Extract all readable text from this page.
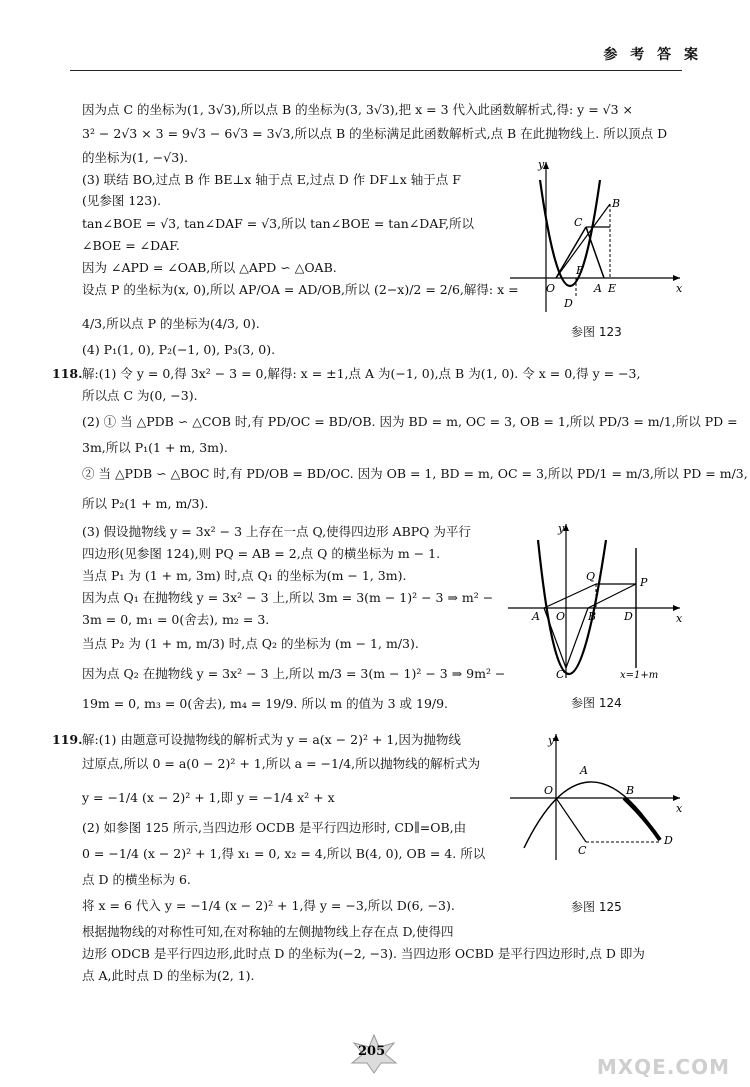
参 考 答 案
因为点 C 的坐标为(1, 3√3),所以点 B 的坐标为(3, 3√3),把 x = 3 代入此函数解析式,得: y = √3 ×
3² − 2√3 × 3 = 9√3 − 6√3 = 3√3,所以点 B 的坐标满足此函数解析式,点 B 在此抛物线上. 所以顶点 D
的坐标为(1, −√3).
(3) 联结 BO,过点 B 作 BE⊥x 轴于点 E,过点 D 作 DF⊥x 轴于点 F
(见参图 123).
tan∠BOE = √3, tan∠DAF = √3,所以 tan∠BOE = tan∠DAF,所以
∠BOE = ∠DAF.
因为 ∠APD = ∠OAB,所以 △APD ∽ △OAB.
设点 P 的坐标为(x, 0),所以 AP/OA = AD/OB,所以 (2−x)/2 = 2/6,解得: x =
4/3,所以点 P 的坐标为(4/3, 0).
(4) P₁(1, 0), P₂(−1, 0), P₃(3, 0).
y
x
C
B
O
F
A E
D
参图 123
118. 解:(1) 令 y = 0,得 3x² − 3 = 0,解得: x = ±1,点 A 为(−1, 0),点 B 为(1, 0). 令 x = 0,得 y = −3,
所以点 C 为(0, −3).
(2) ① 当 △PDB ∽ △COB 时,有 PD/OC = BD/OB. 因为 BD = m, OC = 3, OB = 1,所以 PD/3 = m/1,所以 PD =
3m,所以 P₁(1 + m, 3m).
② 当 △PDB ∽ △BOC 时,有 PD/OB = BD/OC. 因为 OB = 1, BD = m, OC = 3,所以 PD/1 = m/3,所以 PD = m/3,
所以 P₂(1 + m, m/3).
(3) 假设抛物线 y = 3x² − 3 上存在一点 Q,使得四边形 ABPQ 为平行
四边形(见参图 124),则 PQ = AB = 2,点 Q 的横坐标为 m − 1.
当点 P₁ 为 (1 + m, 3m) 时,点 Q₁ 的坐标为(m − 1, 3m).
因为点 Q₁ 在抛物线 y = 3x² − 3 上,所以 3m = 3(m − 1)² − 3 ⇒ m² −
3m = 0, m₁ = 0(舍去), m₂ = 3.
当点 P₂ 为 (1 + m, m/3) 时,点 Q₂ 的坐标为 (m − 1, m/3).
因为点 Q₂ 在抛物线 y = 3x² − 3 上,所以 m/3 = 3(m − 1)² − 3 ⇒ 9m² −
19m = 0, m₃ = 0(舍去), m₄ = 19/9. 所以 m 的值为 3 或 19/9.
y
x
Q	P
A O B	D
C	x=1+m
参图 124
119. 解:(1) 由题意可设抛物线的解析式为 y = a(x − 2)² + 1,因为抛物线
过原点,所以 0 = a(0 − 2)² + 1,所以 a = −1/4,所以抛物线的解析式为
y = −1/4 (x − 2)² + 1,即 y = −1/4 x² + x
(2) 如参图 125 所示,当四边形 OCDB 是平行四边形时, CD∥=OB,由
0 = −1/4 (x − 2)² + 1,得 x₁ = 0, x₂ = 4,所以 B(4, 0), OB = 4. 所以
点 D 的横坐标为 6.
将 x = 6 代入 y = −1/4 (x − 2)² + 1,得 y = −3,所以 D(6, −3).
根据抛物线的对称性可知,在对称轴的左侧抛物线上存在点 D,使得四
边形 ODCB 是平行四边形,此时点 D 的坐标为(−2, −3). 当四边形 OCBD 是平行四边形时,点 D 即为
点 A,此时点 D 的坐标为(2, 1).
y
x
A
O	B
C
D
参图 125
205
MXQE.COM
